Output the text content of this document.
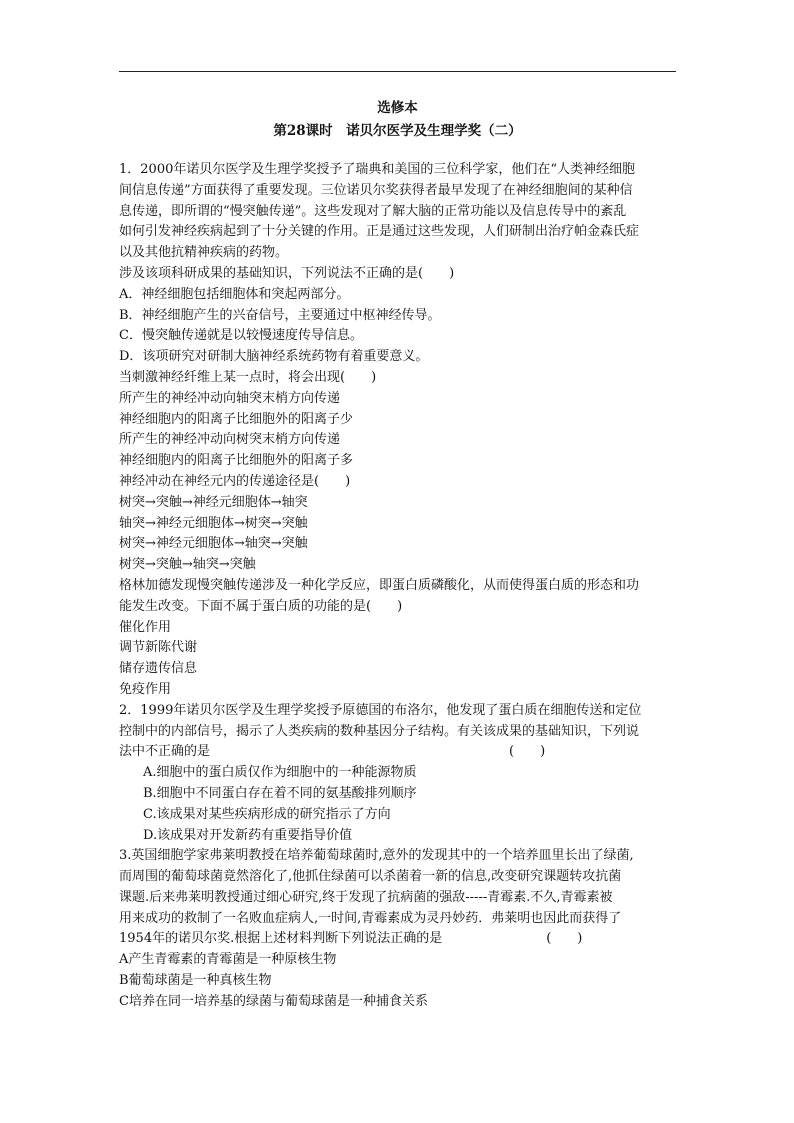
选修本
第28课时　诺贝尔医学及生理学奖（二）
1．2000年诺贝尔医学及生理学奖授予了瑞典和美国的三位科学家，他们在“人类神经细胞
间信息传递”方面获得了重要发现。三位诺贝尔奖获得者最早发现了在神经细胞间的某种信
息传递，即所谓的“慢突触传递”。这些发现对了解大脑的正常功能以及信息传导中的紊乱
如何引发神经疾病起到了十分关键的作用。正是通过这些发现，人们研制出治疗帕金森氏症
以及其他抗精神疾病的药物。
涉及该项科研成果的基础知识，下列说法不正确的是(　　)
A．神经细胞包括细胞体和突起两部分。
B．神经细胞产生的兴奋信号，主要通过中枢神经传导。
C．慢突触传递就是以较慢速度传导信息。
D．该项研究对研制大脑神经系统药物有着重要意义。
当刺激神经纤维上某一点时，将会出现(　　)
所产生的神经冲动向轴突末梢方向传递
神经细胞内的阳离子比细胞外的阳离子少
所产生的神经冲动向树突末梢方向传递
神经细胞内的阳离子比细胞外的阳离子多
神经冲动在神经元内的传递途径是(　　)
树突→突触→神经元细胞体→轴突
轴突→神经元细胞体→树突→突触
树突→神经元细胞体→轴突→突触
树突→突触→轴突→突触
格林加德发现慢突触传递涉及一种化学反应，即蛋白质磷酸化，从而使得蛋白质的形态和功
能发生改变。下面不属于蛋白质的功能的是(　　)
催化作用
调节新陈代谢
储存遗传信息
免疫作用
2．1999年诺贝尔医学及生理学奖授予原德国的布洛尔，他发现了蛋白质在细胞传送和定位
控制中的内部信号，揭示了人类疾病的数种基因分子结构。有关该成果的基础知识，下列说
法中不正确的是　　　　　　　　　　　　　　　　　　　　　　　(　　)
A.细胞中的蛋白质仅作为细胞中的一种能源物质
B.细胞中不同蛋白存在着不同的氨基酸排列顺序
C.该成果对某些疾病形成的研究指示了方向
D.该成果对开发新药有重要指导价值
3.英国细胞学家弗莱明教授在培养葡萄球菌时,意外的发现其中的一个培养皿里长出了绿菌,
而周围的葡萄球菌竟然溶化了,他抓住绿菌可以杀菌着一新的信息,改变研究课题转攻抗菌
课题.后来弗莱明教授通过细心研究,终于发现了抗病菌的强敌-----青霉素.不久,青霉素被
用来成功的救制了一名败血症病人,一时间,青霉素成为灵丹妙药．弗莱明也因此而获得了
1954年的诺贝尔奖.根据上述材料判断下列说法正确的是　　　　　　　　(　　)
A产生青霉素的青霉菌是一种原核生物
B葡萄球菌是一种真核生物
C培养在同一培养基的绿菌与葡萄球菌是一种捕食关系
